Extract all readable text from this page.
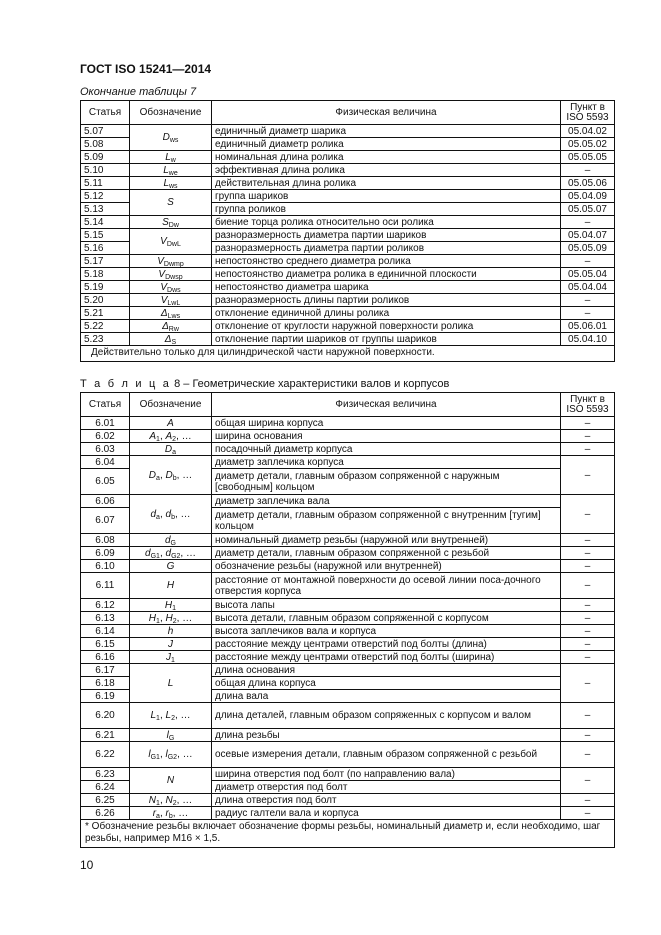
ГОСТ ISO 15241—2014
Окончание таблицы 7
Статья	Обозначение	Физическая величина	Пункт в ISO 5593
5.07	$D_{ws}$	единичный диаметр шарика	05.04.02
5.08		единичный диаметр ролика	05.05.02
5.09	$L_w$	номинальная длина ролика	05.05.05
5.10	$L_{we}$	эффективная длина ролика	–
5.11	$L_{ws}$	действительная длина ролика	05.05.06
5.12	S	группа шариков	05.04.09
5.13		группа роликов	05.05.07
5.14	$S_{Dw}$	биение торца ролика относительно оси ролика	–
5.15	$V_{DwL}$	разноразмерность диаметра партии шариков	05.04.07
5.16		разноразмерность диаметра партии роликов	05.05.09
5.17	$V_{Dwmp}$	непостоянство среднего диаметра ролика	–
5.18	$V_{Dwsp}$	непостоянство диаметра ролика в единичной плоскости	05.05.04
5.19	$V_{Dws}$	непостоянство диаметра шарика	05.04.04
5.20	$V_{LwL}$	разноразмерность длины партии роликов	–
5.21	$\Delta_{Lws}$	отклонение единичной длины ролика	–
5.22	$\Delta_{Rw}$	отклонение от круглости наружной поверхности ролика	05.06.01
5.23	$\Delta_S$	отклонение партии шариков от группы шариков	05.04.10
Действительно только для цилиндрической части наружной поверхности.			
Т а б л и ц а 8 – Геометрические характеристики валов и корпусов
Статья	Обозначение	Физическая величина	Пункт в ISO 5593
6.01	A	общая ширина корпуса	–
6.02	$A_1$, $A_2$, …	ширина основания	–
6.03	$D_a$	посадочный диаметр корпуса	–
6.04	$D_a$, $D_b$, …	диаметр заплечика корпуса	–
6.05		диаметр детали, главным образом сопряженной с наружным [свободным] кольцом	
6.06	$d_a$, $d_b$, …	диаметр заплечика вала	–
6.07		диаметр детали, главным образом сопряженной с внутренним [тугим] кольцом	
6.08	$d_G$	номинальный диаметр резьбы (наружной или внутренней)	–
6.09	$d_{G1}$, $d_{G2}$, …	диаметр детали, главным образом сопряженной с резьбой	–
6.10	G	обозначение резьбы (наружной или внутренней)	–
6.11	H	расстояние от монтажной поверхности до осевой линии поса-дочного отверстия корпуса	–
6.12	$H_1$	высота лапы	–
6.13	$H_1$, $H_2$, …	высота детали, главным образом сопряженной с корпусом	–
6.14	h	высота заплечиков вала и корпуса	–
6.15	J	расстояние между центрами отверстий под болты (длина)	–
6.16	$J_1$	расстояние между центрами отверстий под болты (ширина)	–
6.17	L	длина основания	–
6.18		общая длина корпуса	
6.19		длина вала	
6.20	$L_1$, $L_2$, …	длина деталей, главным образом сопряженных с корпусом и валом	–
6.21	$l_G$	длина резьбы	–
6.22	$l_{G1}$, $l_{G2}$, …	осевые измерения детали, главным образом сопряженной с резьбой	–
6.23	N	ширина отверстия под болт (по направлению вала)	–
6.24		диаметр отверстия под болт	
6.25	$N_1$, $N_2$, …	длина отверстия под болт	–
6.26	$r_a$, $r_b$, …	радиус галтели вала и корпуса	–
* Обозначение резьбы включает обозначение формы резьбы, номинальный диаметр и, если необходимо, шаг резьбы, например М16 × 1,5.			
10
